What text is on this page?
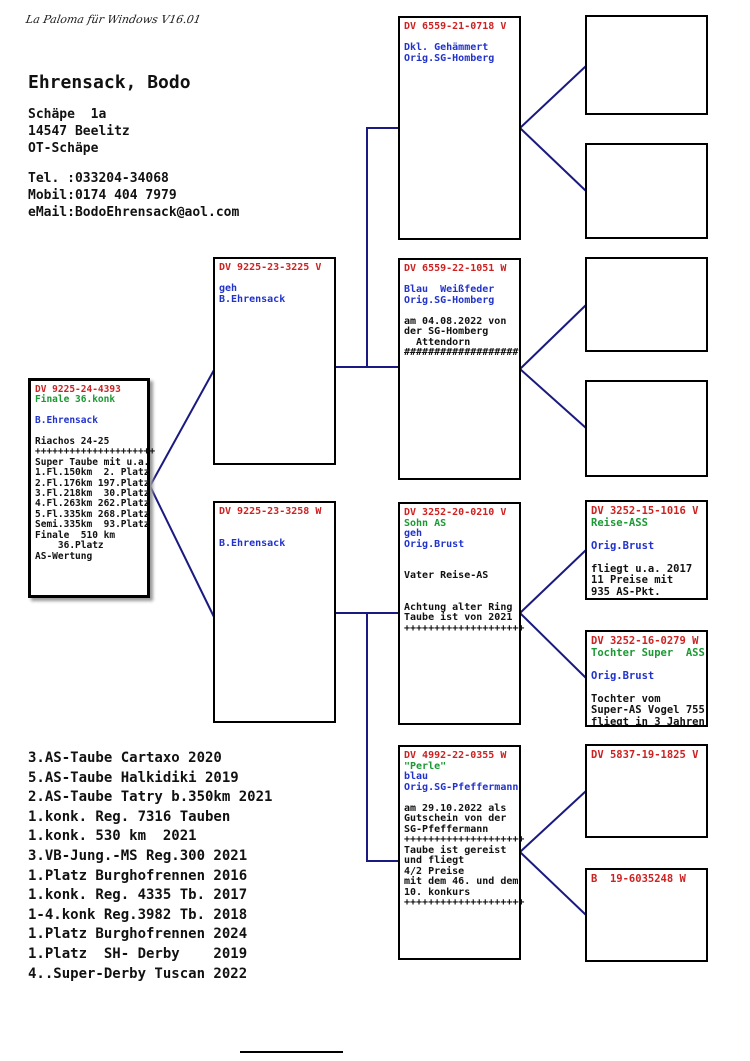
La Paloma für Windows V16.01
Ehrensack, Bodo
Schäpe  1a
14547 Beelitz
OT-Schäpe
Tel. :033204-34068
Mobil:0174 404 7979
eMail:BodoEhrensack@aol.com
DV 9225-24-4393
Finale 36.konk

B.Ehrensack

Riachos 24-25
+++++++++++++++++++++
Super Taube mit u.a.
1.Fl.150km  2. Platz
2.Fl.176km 197.Platz
3.Fl.218km  30.Platz
4.Fl.263km 262.Platz
5.Fl.335km 268.Platz
Semi.335km  93.Platz
Finale  510 km
36.Platz
AS-Wertung
DV 9225-23-3225 V

geh
B.Ehrensack
DV 9225-23-3258 W

B.Ehrensack
DV 6559-21-0718 V

Dkl. Gehämmert
Orig.SG-Homberg
DV 6559-22-1051 W

Blau  Weißfeder
Orig.SG-Homberg

am 04.08.2022 von
der SG-Homberg
Attendorn
###################
DV 3252-20-0210 V
Sohn AS
geh
Orig.Brust

Vater Reise-AS

Achtung alter Ring
Taube ist von 2021
++++++++++++++++++++
DV 4992-22-0355 W
"Perle"
blau
Orig.SG-Pfeffermann

am 29.10.2022 als
Gutschein von der
SG-Pfeffermann
++++++++++++++++++++
Taube ist gereist
und fliegt
4/2 Preise
mit dem 46. und dem
10. konkurs
++++++++++++++++++++
DV 3252-15-1016 V
Reise-ASS

Orig.Brust

fliegt u.a. 2017
11 Preise mit
935 AS-Pkt.
DV 3252-16-0279 W
Tochter Super  ASS

Orig.Brust

Tochter vom
Super-AS Vogel 755
fliegt in 3 Jahren
DV 5837-19-1825 V
B  19-6035248 W
3.AS-Taube Cartaxo 2020
5.AS-Taube Halkidiki 2019
2.AS-Taube Tatry b.350km 2021
1.konk. Reg. 7316 Tauben
1.konk. 530 km  2021
3.VB-Jung.-MS Reg.300 2021
1.Platz Burghofrennen 2016
1.konk. Reg. 4335 Tb. 2017
1-4.konk Reg.3982 Tb. 2018
1.Platz Burghofrennen 2024
1.Platz  SH- Derby    2019
4..Super-Derby Tuscan 2022
